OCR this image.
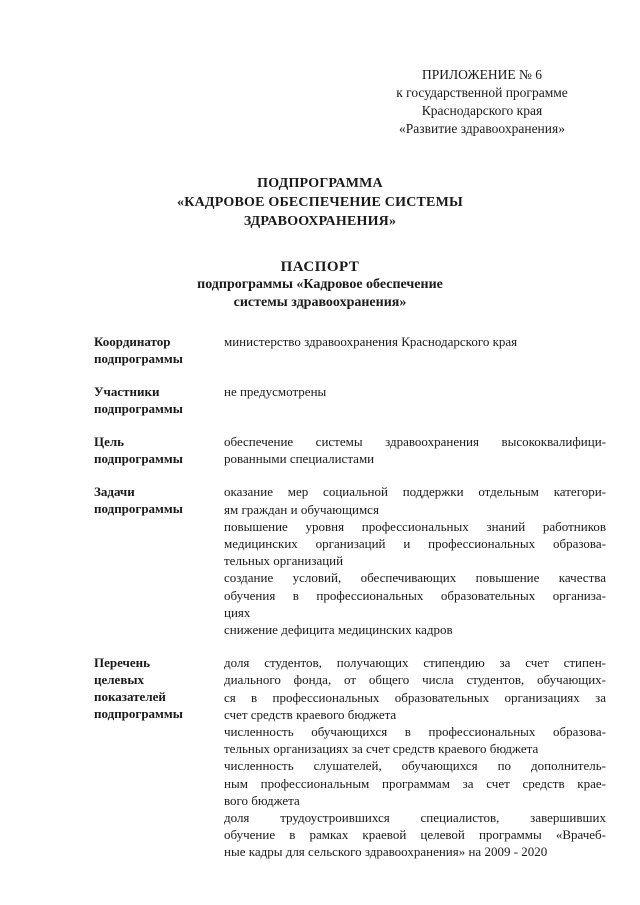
ПРИЛОЖЕНИЕ № 6
к государственной программе
Краснодарского края
«Развитие здравоохранения»
ПОДПРОГРАММА
«КАДРОВОЕ ОБЕСПЕЧЕНИЕ СИСТЕМЫ
ЗДРАВООХРАНЕНИЯ»
ПАСПОРТ
подпрограммы «Кадровое обеспечение
системы здравоохранения»
Координатор
подпрограммы

министерство здравоохранения Краснодарского края

Участники
подпрограммы

не предусмотрены

Цель
подпрограммы

обеспечение системы здравоохранения высококвалифици-
рованными специалистами

Задачи
подпрограммы

оказание мер социальной поддержки отдельным категори-
ям граждан и обучающимся

повышение уровня профессиональных знаний работников
медицинских организаций и профессиональных образова-
тельных организаций

создание условий, обеспечивающих повышение качества
обучения в профессиональных образовательных организа-
циях

снижение дефицита медицинских кадров

Перечень
целевых
показателей
подпрограммы

доля студентов, получающих стипендию за счет стипен-
диального фонда, от общего числа студентов, обучающих-
ся в профессиональных образовательных организациях за
счет средств краевого бюджета

численность обучающихся в профессиональных образова-
тельных организациях за счет средств краевого бюджета

численность слушателей, обучающихся по дополнитель-
ным профессиональным программам за счет средств крае-
вого бюджета

доля трудоустроившихся специалистов, завершивших
обучение в рамках краевой целевой программы «Врачеб-
ные кадры для сельского здравоохранения» на 2009 - 2020
